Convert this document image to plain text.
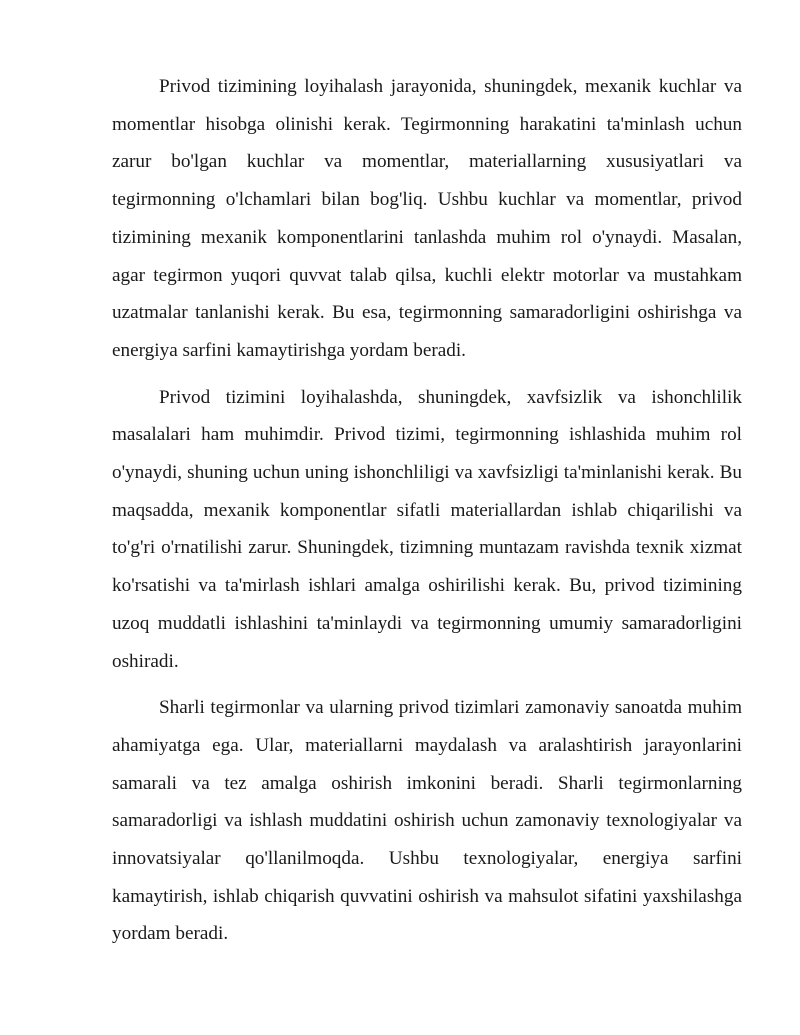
Privod tizimining loyihalash jarayonida, shuningdek, mexanik kuchlar va momentlar hisobga olinishi kerak. Tegirmonning harakatini ta'minlash uchun zarur bo'lgan kuchlar va momentlar, materiallarning xususiyatlari va tegirmonning o'lchamlari bilan bog'liq. Ushbu kuchlar va momentlar, privod tizimining mexanik komponentlarini tanlashda muhim rol o'ynaydi. Masalan, agar tegirmon yuqori quvvat talab qilsa, kuchli elektr motorlar va mustahkam uzatmalar tanlanishi kerak. Bu esa, tegirmonning samaradorligini oshirishga va energiya sarfini kamaytirishga yordam beradi.

Privod tizimini loyihalashda, shuningdek, xavfsizlik va ishonchlilik masalalari ham muhimdir. Privod tizimi, tegirmonning ishlashida muhim rol o'ynaydi, shuning uchun uning ishonchliligi va xavfsizligi ta'minlanishi kerak. Bu maqsadda, mexanik komponentlar sifatli materiallardan ishlab chiqarilishi va to'g'ri o'rnatilishi zarur. Shuningdek, tizimning muntazam ravishda texnik xizmat ko'rsatishi va ta'mirlash ishlari amalga oshirilishi kerak. Bu, privod tizimining uzoq muddatli ishlashini ta'minlaydi va tegirmonning umumiy samaradorligini oshiradi.

Sharli tegirmonlar va ularning privod tizimlari zamonaviy sanoatda muhim ahamiyatga ega. Ular, materiallarni maydalash va aralashtirish jarayonlarini samarali va tez amalga oshirish imkonini beradi. Sharli tegirmonlarning samaradorligi va ishlash muddatini oshirish uchun zamonaviy texnologiyalar va innovatsiyalar qo'llanilmoqda. Ushbu texnologiyalar, energiya sarfini kamaytirish, ishlab chiqarish quvvatini oshirish va mahsulot sifatini yaxshilashga yordam beradi.
